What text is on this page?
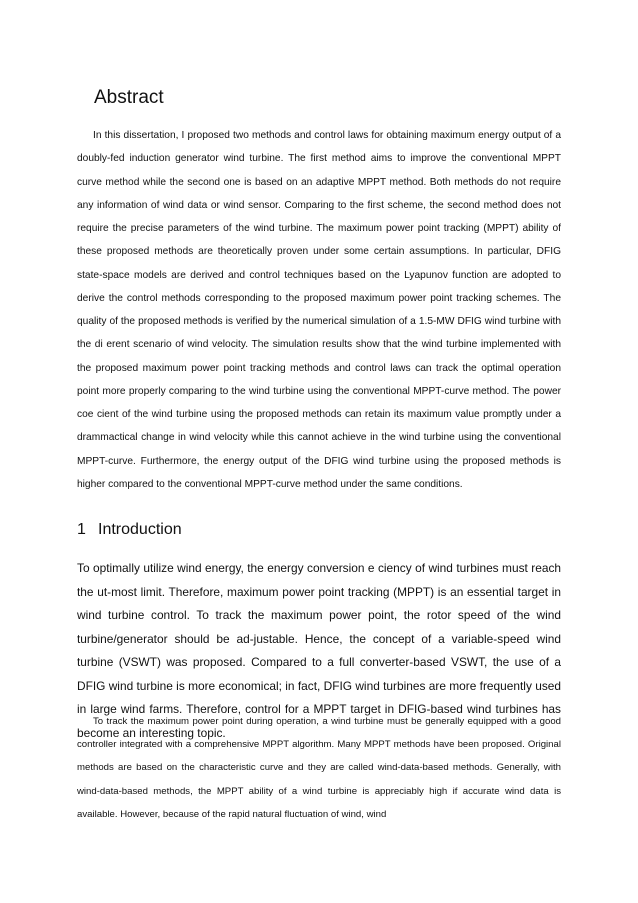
Abstract

In this dissertation, I proposed two methods and control laws for obtaining maximum energy output of a doubly-fed induction generator wind turbine. The first method aims to improve the conventional MPPT curve method while the second one is based on an adaptive MPPT method. Both methods do not require any information of wind data or wind sensor. Comparing to the first scheme, the second method does not require the precise parameters of the wind turbine. The maximum power point tracking (MPPT) ability of these proposed methods are theoretically proven under some certain assumptions. In particular, DFIG state-space models are derived and control techniques based on the Lyapunov function are adopted to derive the control methods corresponding to the proposed maximum power point tracking schemes. The quality of the proposed methods is verified by the numerical simulation of a 1.5-MW DFIG wind turbine with the di erent scenario of wind velocity. The simulation results show that the wind turbine implemented with the proposed maximum power point tracking methods and control laws can track the optimal operation point more properly comparing to the wind turbine using the conventional MPPT-curve method. The power coe cient of the wind turbine using the proposed methods can retain its maximum value promptly under a drammactical change in wind velocity while this cannot achieve in the wind turbine using the conventional MPPT-curve. Furthermore, the energy output of the DFIG wind turbine using the proposed methods is higher compared to the conventional MPPT-curve method under the same conditions.

1 Introduction

To optimally utilize wind energy, the energy conversion e ciency of wind turbines must reach the ut-most limit. Therefore, maximum power point tracking (MPPT) is an essential target in wind turbine control. To track the maximum power point, the rotor speed of the wind turbine/generator should be ad-justable. Hence, the concept of a variable-speed wind turbine (VSWT) was proposed. Compared to a full converter-based VSWT, the use of a DFIG wind turbine is more economical; in fact, DFIG wind turbines are more frequently used in large wind farms. Therefore, control for a MPPT target in DFIG-based wind turbines has become an interesting topic.

To track the maximum power point during operation, a wind turbine must be generally equipped with a good controller integrated with a comprehensive MPPT algorithm. Many MPPT methods have been proposed. Original methods are based on the characteristic curve and they are called wind-data-based methods. Generally, with wind-data-based methods, the MPPT ability of a wind turbine is appreciably high if accurate wind data is available. However, because of the rapid natural fluctuation of wind, wind
